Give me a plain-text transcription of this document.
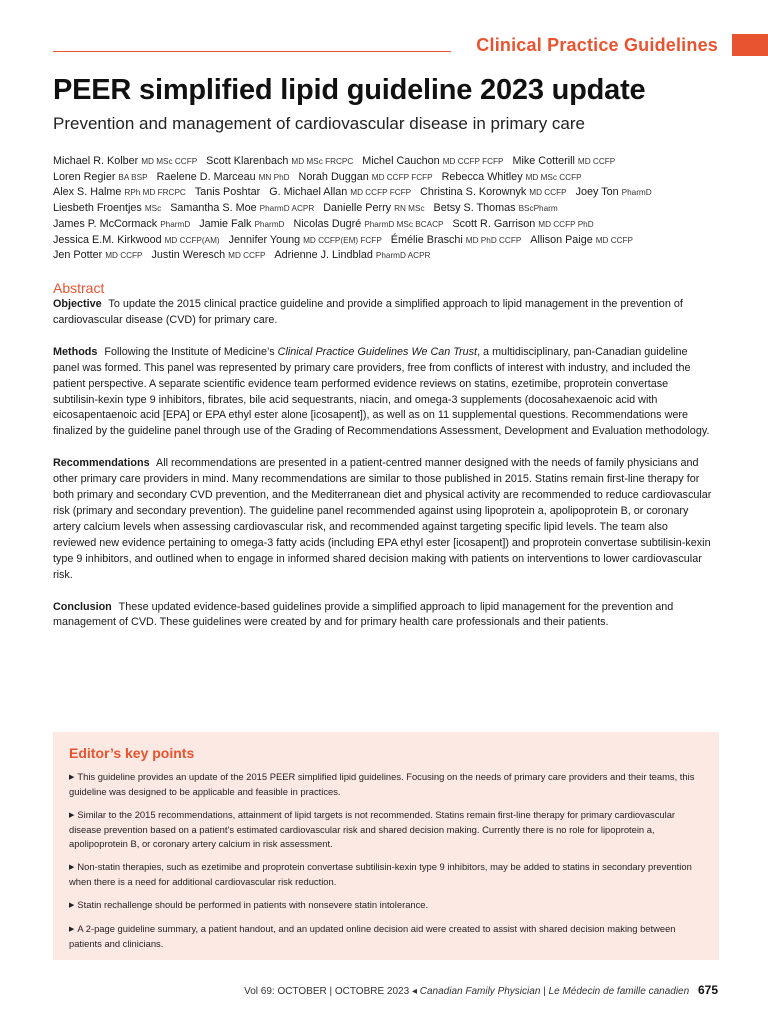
Clinical Practice Guidelines
PEER simplified lipid guideline 2023 update
Prevention and management of cardiovascular disease in primary care
Michael R. Kolber MD MSc CCFP Scott Klarenbach MD MSc FRCPC Michel Cauchon MD CCFP FCFP Mike Cotterill MD CCFP
Loren Regier BA BSP Raelene D. Marceau MN PhD Norah Duggan MD CCFP FCFP Rebecca Whitley MD MSc CCFP
Alex S. Halme RPh MD FRCPC Tanis Poshtar G. Michael Allan MD CCFP FCFP Christina S. Korownyk MD CCFP Joey Ton PharmD
Liesbeth Froentjes MSc Samantha S. Moe PharmD ACPR Danielle Perry RN MSc Betsy S. Thomas BScPharm
James P. McCormack PharmD Jamie Falk PharmD Nicolas Dugré PharmD MSc BCACP Scott R. Garrison MD CCFP PhD
Jessica E.M. Kirkwood MD CCFP(AM) Jennifer Young MD CCFP(EM) FCFP Émélie Braschi MD PhD CCFP Allison Paige MD CCFP
Jen Potter MD CCFP Justin Weresch MD CCFP Adrienne J. Lindblad PharmD ACPR
Abstract

Objective To update the 2015 clinical practice guideline and provide a simplified approach to lipid management in the prevention of cardiovascular disease (CVD) for primary care.

Methods Following the Institute of Medicine’s Clinical Practice Guidelines We Can Trust, a multidisciplinary, pan-Canadian guideline panel was formed. This panel was represented by primary care providers, free from conflicts of interest with industry, and included the patient perspective. A separate scientific evidence team performed evidence reviews on statins, ezetimibe, proprotein convertase subtilisin-kexin type 9 inhibitors, fibrates, bile acid sequestrants, niacin, and omega-3 supplements (docosahexaenoic acid with eicosapentaenoic acid [EPA] or EPA ethyl ester alone [icosapent]), as well as on 11 supplemental questions. Recommendations were finalized by the guideline panel through use of the Grading of Recommendations Assessment, Development and Evaluation methodology.

Recommendations All recommendations are presented in a patient-centred manner designed with the needs of family physicians and other primary care providers in mind. Many recommendations are similar to those published in 2015. Statins remain first-line therapy for both primary and secondary CVD prevention, and the Mediterranean diet and physical activity are recommended to reduce cardiovascular risk (primary and secondary prevention). The guideline panel recommended against using lipoprotein a, apolipoprotein B, or coronary artery calcium levels when assessing cardiovascular risk, and recommended against targeting specific lipid levels. The team also reviewed new evidence pertaining to omega-3 fatty acids (including EPA ethyl ester [icosapent]) and proprotein convertase subtilisin-kexin type 9 inhibitors, and outlined when to engage in informed shared decision making with patients on interventions to lower cardiovascular risk.

Conclusion These updated evidence-based guidelines provide a simplified approach to lipid management for the prevention and management of CVD. These guidelines were created by and for primary health care professionals and their patients.

Editor’s key points
▶ This guideline provides an update of the 2015 PEER simplified lipid guidelines. Focusing on the needs of primary care providers and their teams, this guideline was designed to be applicable and feasible in practices.
▶ Similar to the 2015 recommendations, attainment of lipid targets is not recommended. Statins remain first-line therapy for primary cardiovascular disease prevention based on a patient’s estimated cardiovascular risk and shared decision making. Currently there is no role for lipoprotein a, apolipoprotein B, or coronary artery calcium in risk assessment.
▶ Non-statin therapies, such as ezetimibe and proprotein convertase subtilisin-kexin type 9 inhibitors, may be added to statins in secondary prevention when there is a need for additional cardiovascular risk reduction.
▶ Statin rechallenge should be performed in patients with nonsevere statin intolerance.
▶ A 2-page guideline summary, a patient handout, and an updated online decision aid were created to assist with shared decision making between patients and clinicians.
Vol 69: OCTOBER | OCTOBRE 2023 ◂ Canadian Family Physician | Le Médecin de famille canadien 675
